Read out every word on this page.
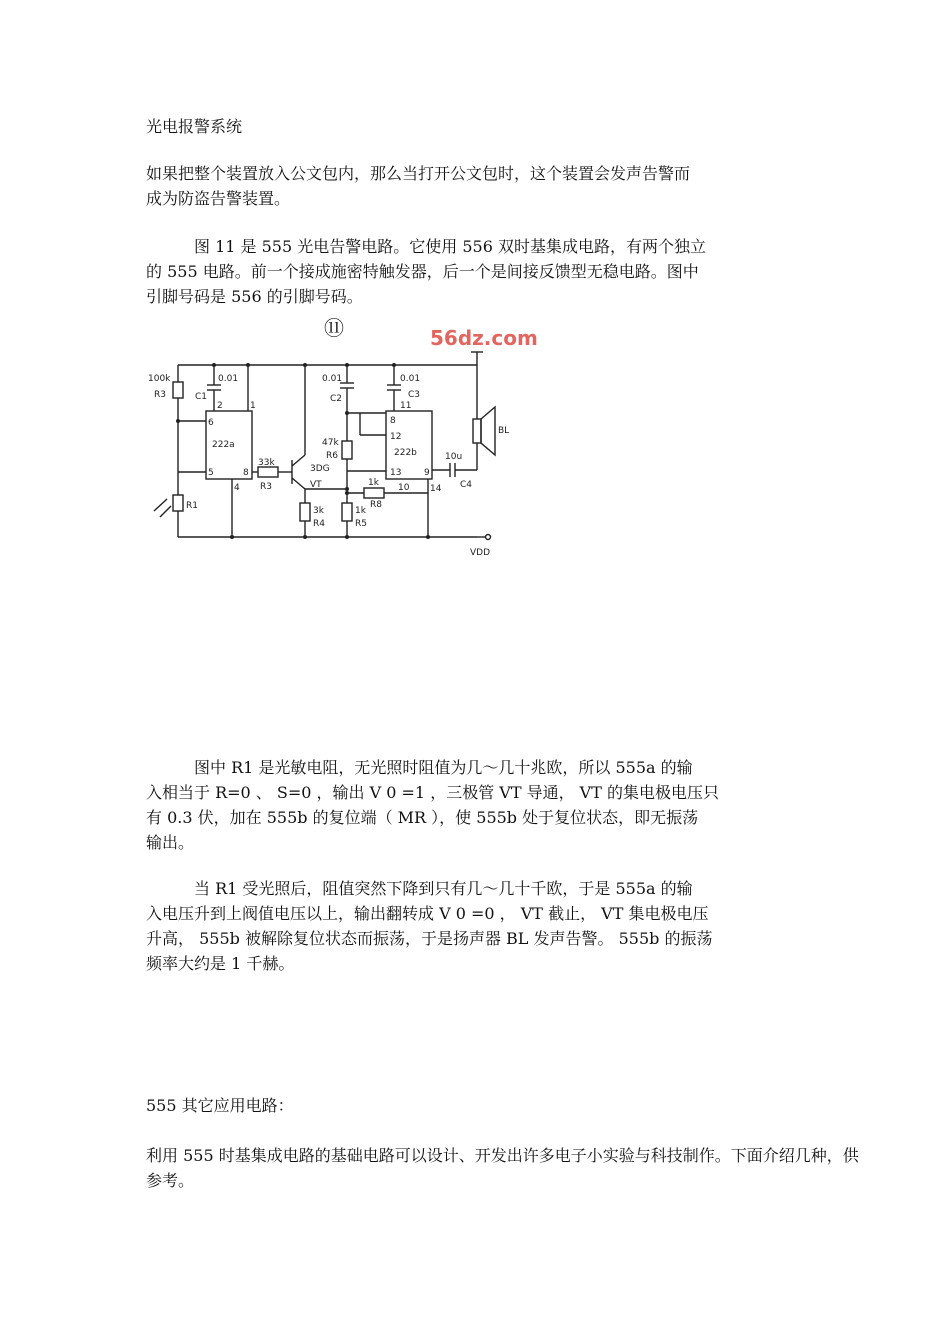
光电报警系统

如果把整个装置放入公文包内，那么当打开公文包时，这个装置会发声告警而
成为防盗告警装置。
　　　图 11 是 555 光电告警电路。它使用 556 双时基集成电路，有两个独立
的 555 电路。前一个接成施密特触发器，后一个是间接反馈型无稳电路。图中
引脚号码是 556 的引脚号码。
⑪	56dz.com
100k
R3
0.01
C1
2	1
6
222a
5	8
4
33k
R3
3DG
VT
R1	3k
R4
1k
R5
0.01
C2
47k
R6
1k
R8
0.01
C3
11
8
12
222b
13	9
10 14
10u
C4
BL
VDD
　　　图中 R1 是光敏电阻，无光照时阻值为几～几十兆欧，所以 555a 的输
入相当于 R=0 、 S=0 ，输出 V 0 =1 ，三极管 VT 导通， VT 的集电极电压只
有 0.3 伏，加在 555b 的复位端（ MR ），使 555b 处于复位状态，即无振荡
输出。
　　　当 R1 受光照后，阻值突然下降到只有几～几十千欧，于是 555a 的输
入电压升到上阀值电压以上，输出翻转成 V 0 =0 ， VT 截止， VT 集电极电压
升高， 555b 被解除复位状态而振荡，于是扬声器 BL 发声告警。 555b 的振荡
频率大约是 1 千赫。

555 其它应用电路：

利用 555 时基集成电路的基础电路可以设计、开发出许多电子小实验与科技制作。下面介绍几种，供
参考。
